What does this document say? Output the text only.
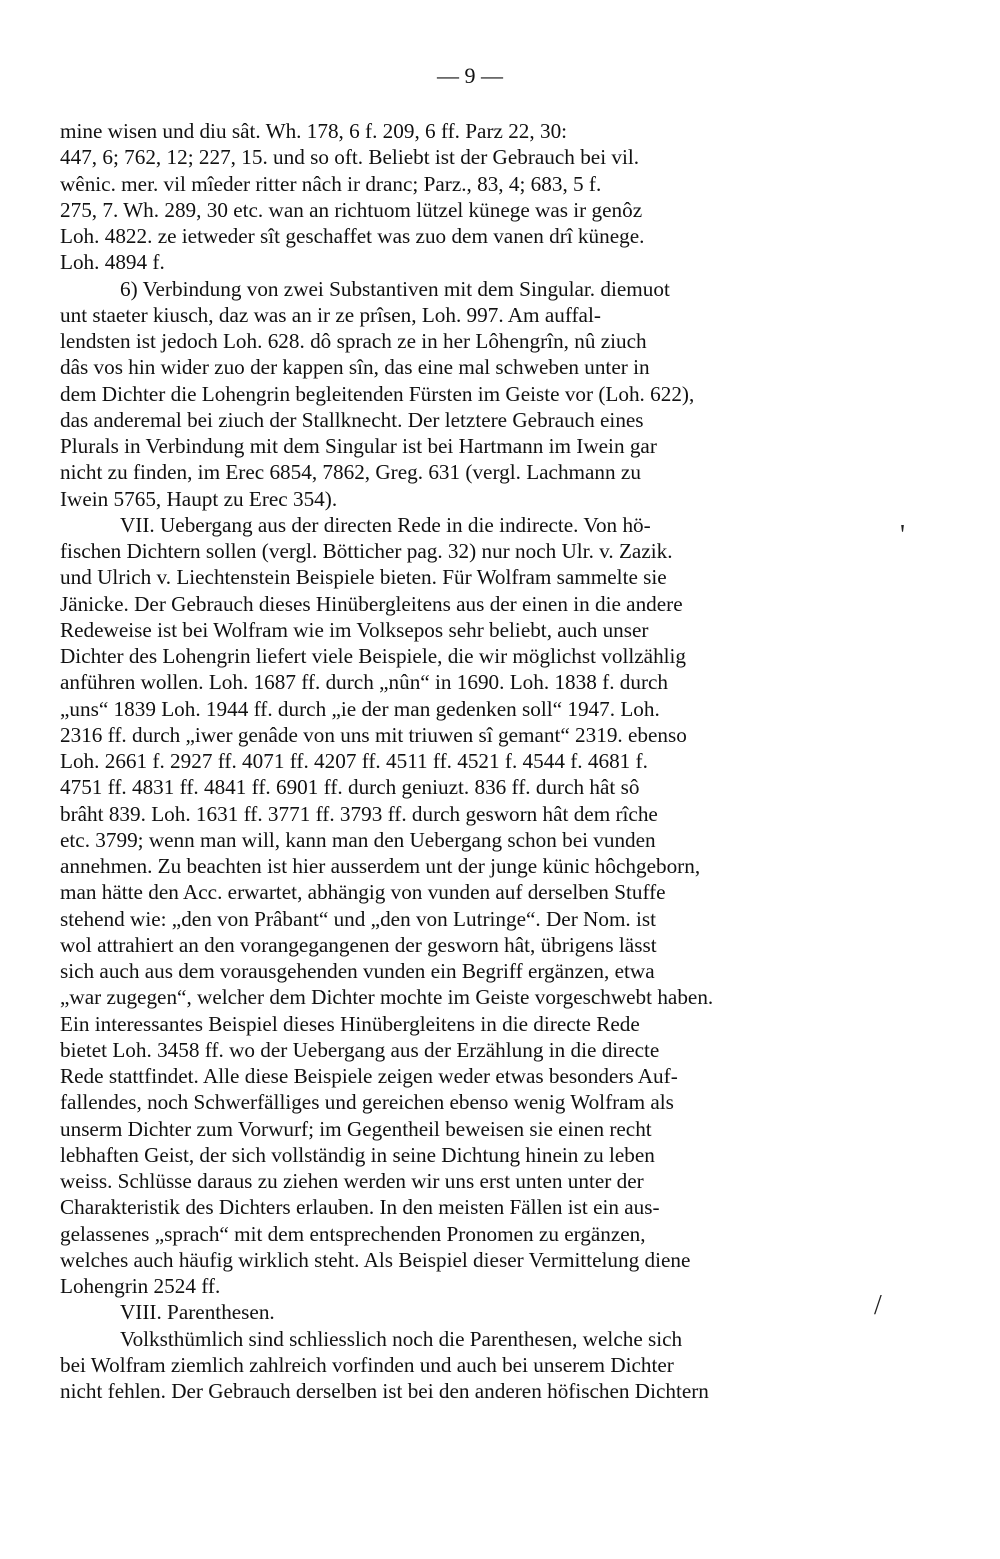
— 9 —
mine wisen und diu sât. Wh. 178, 6 f. 209, 6 ff. Parz 22, 30:
447, 6; 762, 12; 227, 15. und so oft. Beliebt ist der Gebrauch bei vil.
wênic. mer. vil mîeder ritter nâch ir dranc; Parz., 83, 4; 683, 5 f.
275, 7. Wh. 289, 30 etc. wan an richtuom lützel künege was ir genôz
Loh. 4822. ze ietweder sît geschaffet was zuo dem vanen drî künege.
Loh. 4894 f.
6) Verbindung von zwei Substantiven mit dem Singular. diemuot
unt staeter kiusch, daz was an ir ze prîsen, Loh. 997. Am auffal-
lendsten ist jedoch Loh. 628. dô sprach ze in her Lôhengrîn, nû ziuch
dâs vos hin wider zuo der kappen sîn, das eine mal schweben unter in
dem Dichter die Lohengrin begleitenden Fürsten im Geiste vor (Loh. 622),
das anderemal bei ziuch der Stallknecht. Der letztere Gebrauch eines
Plurals in Verbindung mit dem Singular ist bei Hartmann im Iwein gar
nicht zu finden, im Erec 6854, 7862, Greg. 631 (vergl. Lachmann zu
Iwein 5765, Haupt zu Erec 354).
VII. Uebergang aus der directen Rede in die indirecte. Von hö-
fischen Dichtern sollen (vergl. Bötticher pag. 32) nur noch Ulr. v. Zazik.
und Ulrich v. Liechtenstein Beispiele bieten. Für Wolfram sammelte sie
Jänicke. Der Gebrauch dieses Hinübergleitens aus der einen in die andere
Redeweise ist bei Wolfram wie im Volksepos sehr beliebt, auch unser
Dichter des Lohengrin liefert viele Beispiele, die wir möglichst vollzählig
anführen wollen. Loh. 1687 ff. durch „nûn“ in 1690. Loh. 1838 f. durch
„uns“ 1839 Loh. 1944 ff. durch „ie der man gedenken soll“ 1947. Loh.
2316 ff. durch „iwer genâde von uns mit triuwen sî gemant“ 2319. ebenso
Loh. 2661 f. 2927 ff. 4071 ff. 4207 ff. 4511 ff. 4521 f. 4544 f. 4681 f.
4751 ff. 4831 ff. 4841 ff. 6901 ff. durch geniuzt. 836 ff. durch hât sô
brâht 839. Loh. 1631 ff. 3771 ff. 3793 ff. durch gesworn hât dem rîche
etc. 3799; wenn man will, kann man den Uebergang schon bei vunden
annehmen. Zu beachten ist hier ausserdem unt der junge künic hôchgeborn,
man hätte den Acc. erwartet, abhängig von vunden auf derselben Stuffe
stehend wie: „den von Prâbant“ und „den von Lutringe“. Der Nom. ist
wol attrahiert an den vorangegangenen der gesworn hât, übrigens lässt
sich auch aus dem vorausgehenden vunden ein Begriff ergänzen, etwa
„war zugegen“, welcher dem Dichter mochte im Geiste vorgeschwebt haben.
Ein interessantes Beispiel dieses Hinübergleitens in die directe Rede
bietet Loh. 3458 ff. wo der Uebergang aus der Erzählung in die directe
Rede stattfindet. Alle diese Beispiele zeigen weder etwas besonders Auf-
fallendes, noch Schwerfälliges und gereichen ebenso wenig Wolfram als
unserm Dichter zum Vorwurf; im Gegentheil beweisen sie einen recht
lebhaften Geist, der sich vollständig in seine Dichtung hinein zu leben
weiss. Schlüsse daraus zu ziehen werden wir uns erst unten unter der
Charakteristik des Dichters erlauben. In den meisten Fällen ist ein aus-
gelassenes „sprach“ mit dem entsprechenden Pronomen zu ergänzen,
welches auch häufig wirklich steht. Als Beispiel dieser Vermittelung diene
Lohengrin 2524 ff.
VIII. Parenthesen.
Volksthümlich sind schliesslich noch die Parenthesen, welche sich
bei Wolfram ziemlich zahlreich vorfinden und auch bei unserem Dichter
nicht fehlen. Der Gebrauch derselben ist bei den anderen höfischen Dichtern
'
/
